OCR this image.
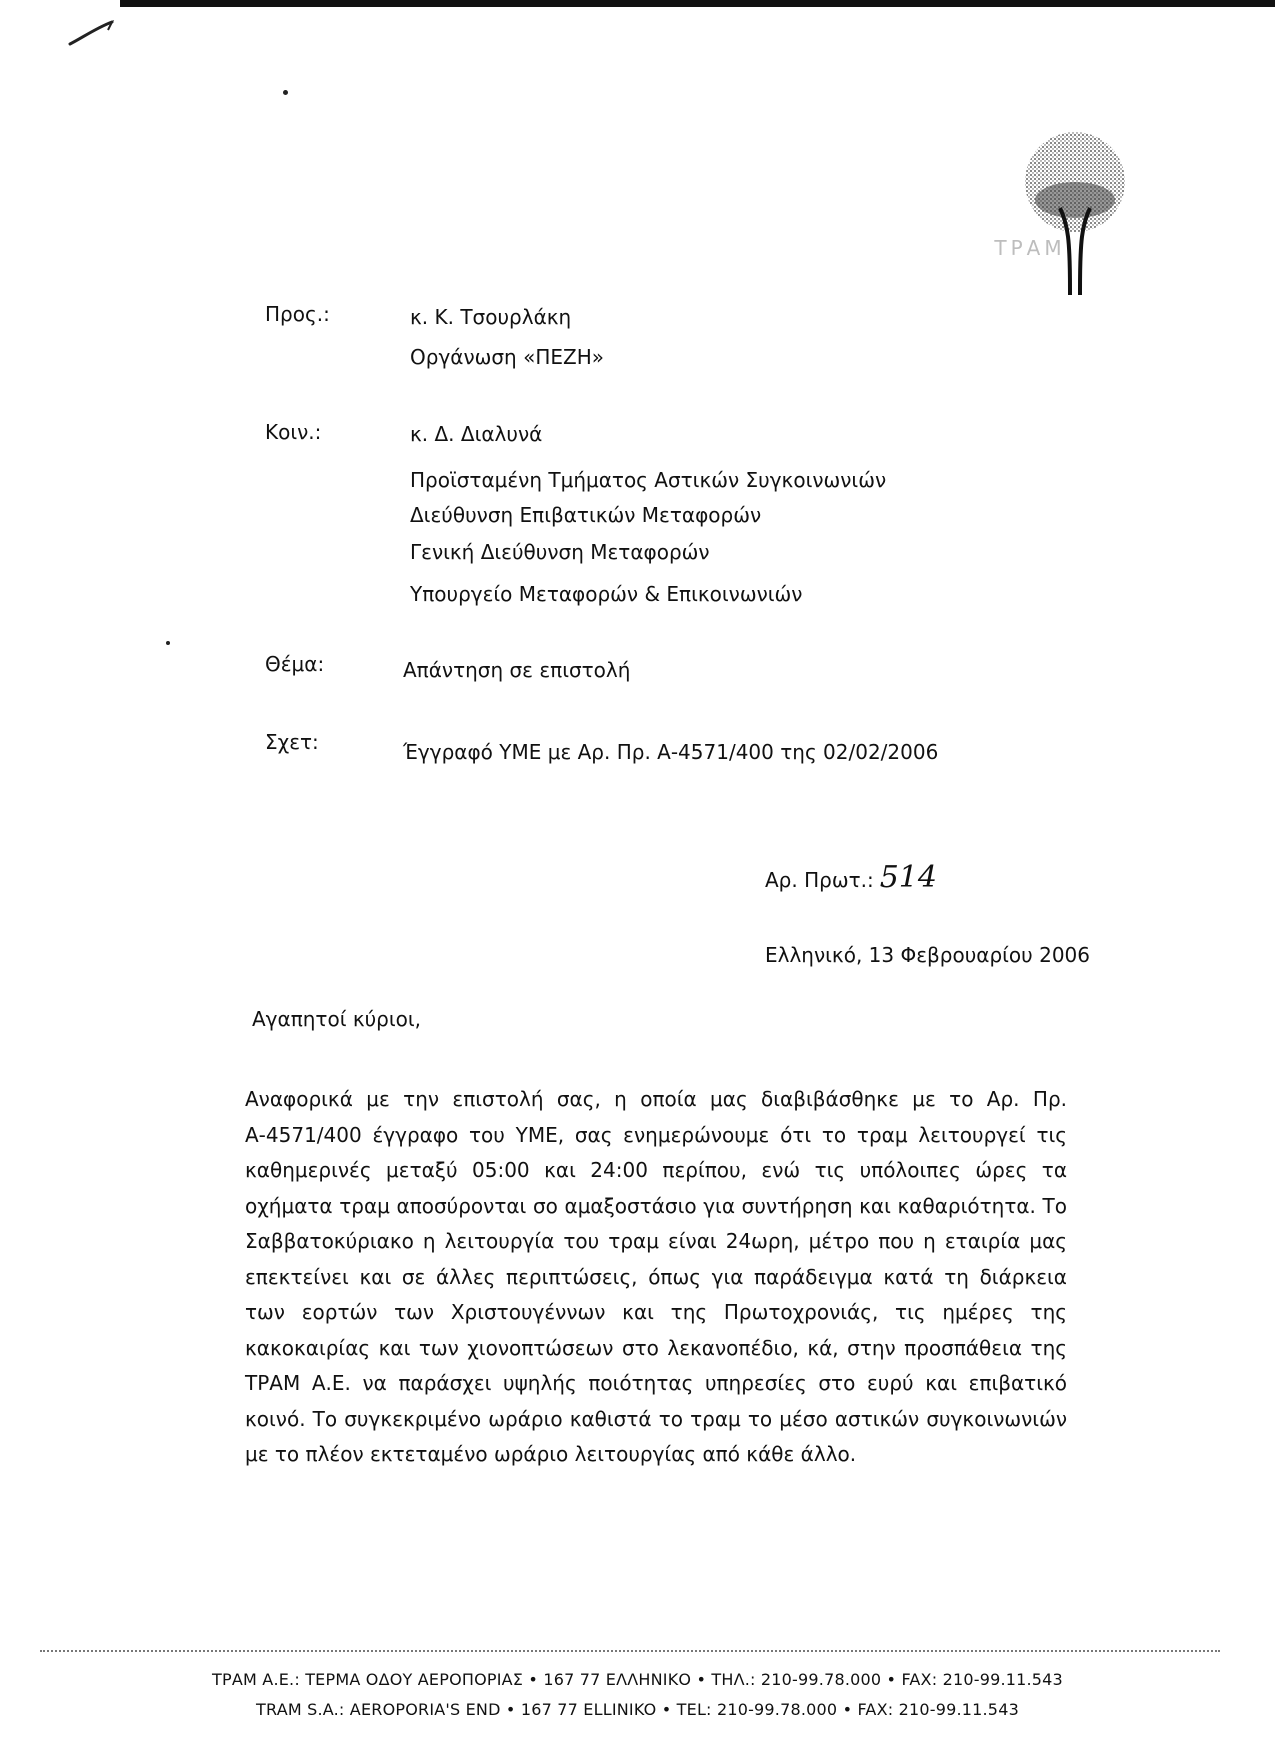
ΤΡΑΜ
Προς.:	κ. Κ. Τσουρλάκη
Οργάνωση «ΠΕΖΗ»
Κοιν.:	κ. Δ. Διαλυνά
Προϊσταμένη Τμήματος Αστικών Συγκοινωνιών
Διεύθυνση Επιβατικών Μεταφορών
Γενική Διεύθυνση Μεταφορών
Υπουργείο Μεταφορών & Επικοινωνιών
Θέμα:	Απάντηση σε επιστολή
Σχετ:	Έγγραφό ΥΜΕ με Αρ. Πρ. Α-4571/400 της 02/02/2006
Αρ. Πρωτ.: 514
Ελληνικό, 13 Φεβρουαρίου 2006
Αγαπητοί κύριοι,
Αναφορικά με την επιστολή σας, η οποία μας διαβιβάσθηκε με το Αρ. Πρ. Α-4571/400 έγγραφο του ΥΜΕ, σας ενημερώνουμε ότι το τραμ λειτουργεί τις καθημερινές μεταξύ 05:00 και 24:00 περίπου, ενώ τις υπόλοιπες ώρες τα οχήματα τραμ αποσύρονται σο αμαξοστάσιο για συντήρηση και καθαριότητα. Το Σαββατοκύριακο η λειτουργία του τραμ είναι 24ωρη, μέτρο που η εταιρία μας επεκτείνει και σε άλλες περιπτώσεις, όπως για παράδειγμα κατά τη διάρκεια των εορτών των Χριστουγέννων και της Πρωτοχρονιάς, τις ημέρες της κακοκαιρίας και των χιονοπτώσεων στο λεκανοπέδιο, κά, στην προσπάθεια της ΤΡΑΜ Α.Ε. να παράσχει υψηλής ποιότητας υπηρεσίες στο ευρύ και επιβατικό κοινό. Το συγκεκριμένο ωράριο καθιστά το τραμ το μέσο αστικών συγκοινωνιών με το πλέον εκτεταμένο ωράριο λειτουργίας από κάθε άλλο.
ΤΡΑΜ Α.Ε.: ΤΕΡΜΑ ΟΔΟΥ ΑΕΡΟΠΟΡΙΑΣ • 167 77 ΕΛΛΗΝΙΚΟ • ΤΗΛ.: 210-99.78.000 • FAX: 210-99.11.543
TRAM S.A.: AEROPORIA'S END • 167 77 ELLINIKO • TEL: 210-99.78.000 • FAX: 210-99.11.543
